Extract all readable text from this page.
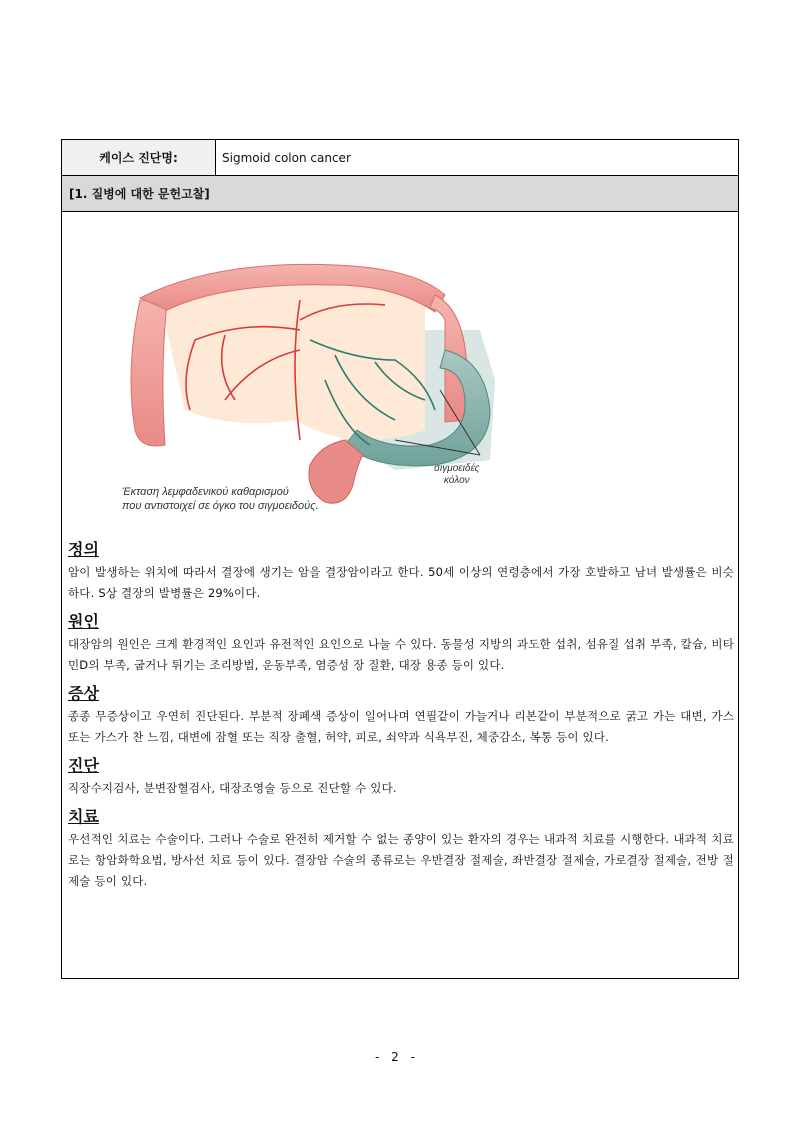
케이스 진단명:	Sigmoid colon cancer
[1. 질병에 대한 문헌고찰]
σιγμοειδές
κόλον
Έκταση λεμφαδενικού καθαρισμού
που αντιστοιχεί σε όγκο του σιγμοειδούς.
정의

암이 발생하는 위치에 따라서 결장에 생기는 암을 결장암이라고 한다. 50세 이상의 연령층에서 가장 호발하고 남녀 발생률은 비슷하다. S상 결장의 발병률은 29%이다.

원인

대장암의 원인은 크게 환경적인 요인과 유전적인 요인으로 나눌 수 있다. 동물성 지방의 과도한 섭취, 섬유질 섭취 부족, 칼슘, 비타민D의 부족, 굽거나 튀기는 조리방법, 운동부족, 염증성 장 질환, 대장 용종 등이 있다.

증상

종종 무증상이고 우연히 진단된다. 부분적 장폐색 증상이 일어나며 연필같이 가늘거나 리본같이 부분적으로 굵고 가는 대변, 가스 또는 가스가 찬 느낌, 대변에 잠혈 또는 직장 출혈, 허약, 피로, 쇠약과 식욕부진, 체중감소, 복통 등이 있다.

진단

직장수지검사, 분변잠혈검사, 대장조영술 등으로 진단할 수 있다.

치료

우선적인 치료는 수술이다. 그러나 수술로 완전히 제거할 수 없는 종양이 있는 환자의 경우는 내과적 치료를 시행한다. 내과적 치료로는 항암화학요법, 방사선 치료 등이 있다. 결장암 수술의 종류로는 우반결장 절제술, 좌반결장 절제술, 가로결장 절제술, 전방 절제술 등이 있다.

- 2 -
